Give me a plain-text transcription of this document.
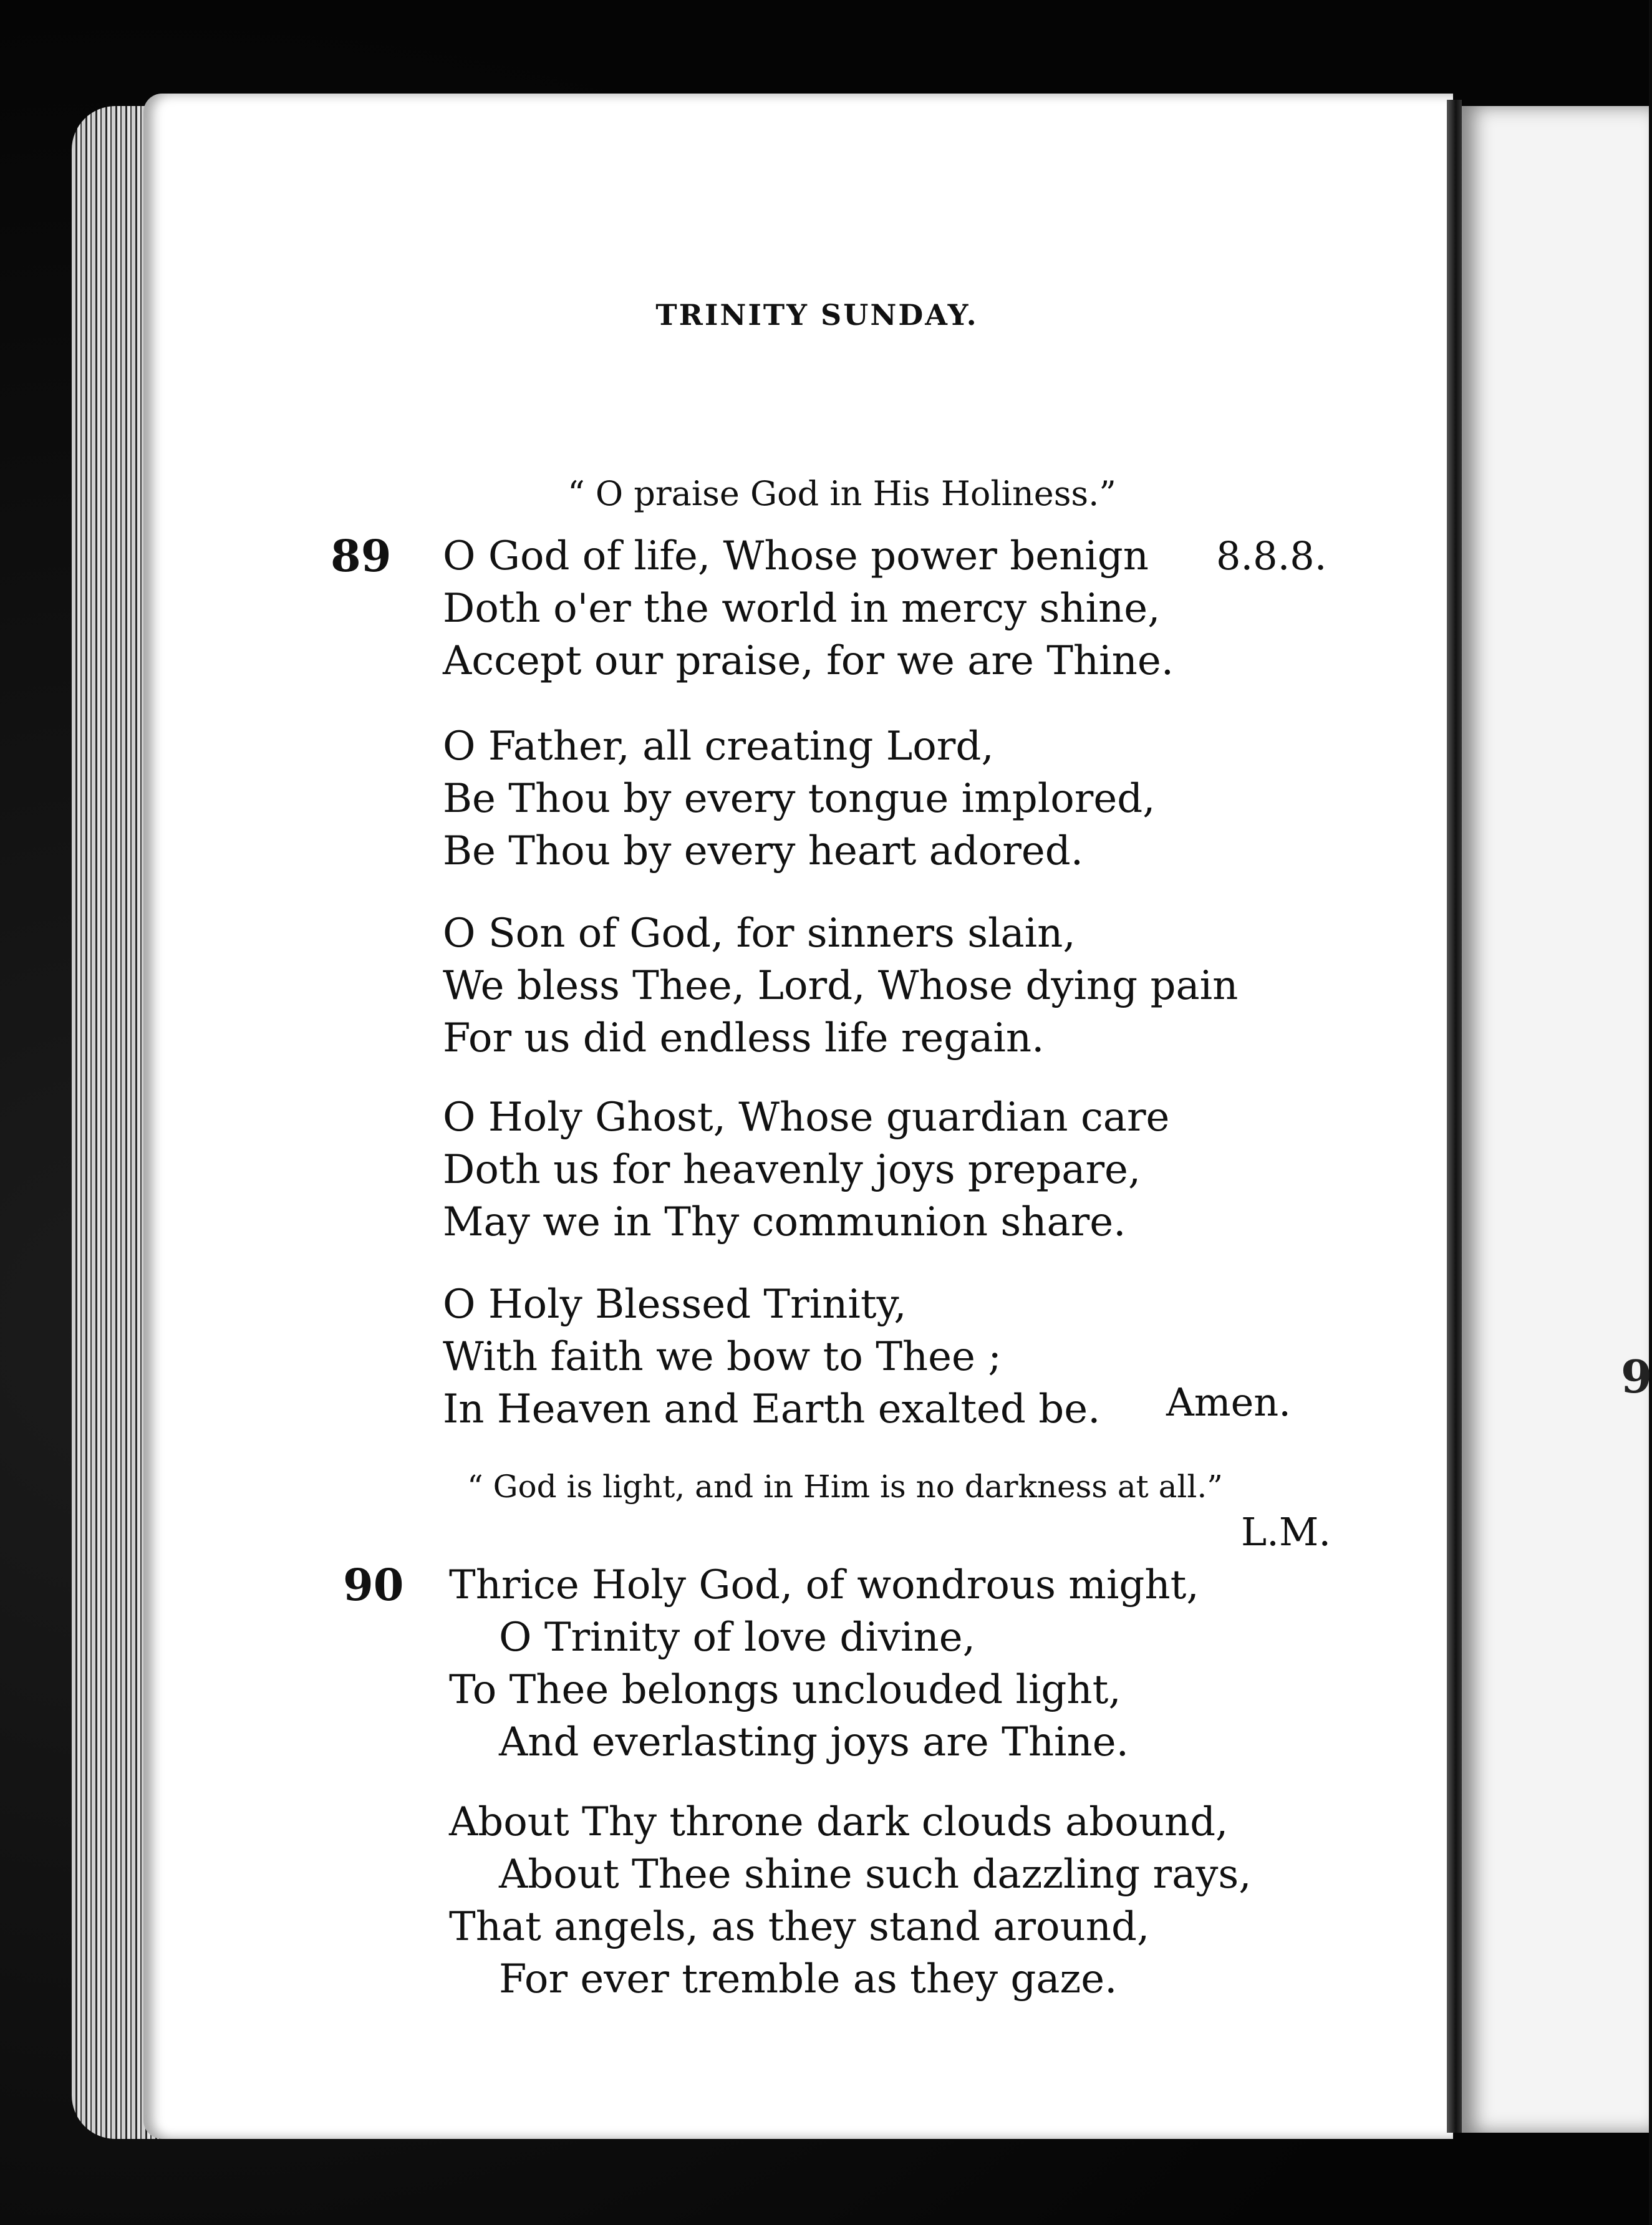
TRINITY SUNDAY.
“ O praise God in His Holiness.”
89	8.8.8.
O God of life, Whose power benign
Doth o'er the world in mercy shine,
Accept our praise, for we are Thine.
O Father, all creating Lord,
Be Thou by every tongue implored,
Be Thou by every heart adored.
O Son of God, for sinners slain,
We bless Thee, Lord, Whose dying pain
For us did endless life regain.
O Holy Ghost, Whose guardian care
Doth us for heavenly joys prepare,
May we in Thy communion share.
O Holy Blessed Trinity,
With faith we bow to Thee ;
In Heaven and Earth exalted be. Amen.
“ God is light, and in Him is no darkness at all.”
L.M.
90 Thrice Holy God, of wondrous might,
O Trinity of love divine,
To Thee belongs unclouded light,
And everlasting joys are Thine.
About Thy throne dark clouds abound,
About Thee shine such dazzling rays,
That angels, as they stand around,
For ever tremble as they gaze.
9
